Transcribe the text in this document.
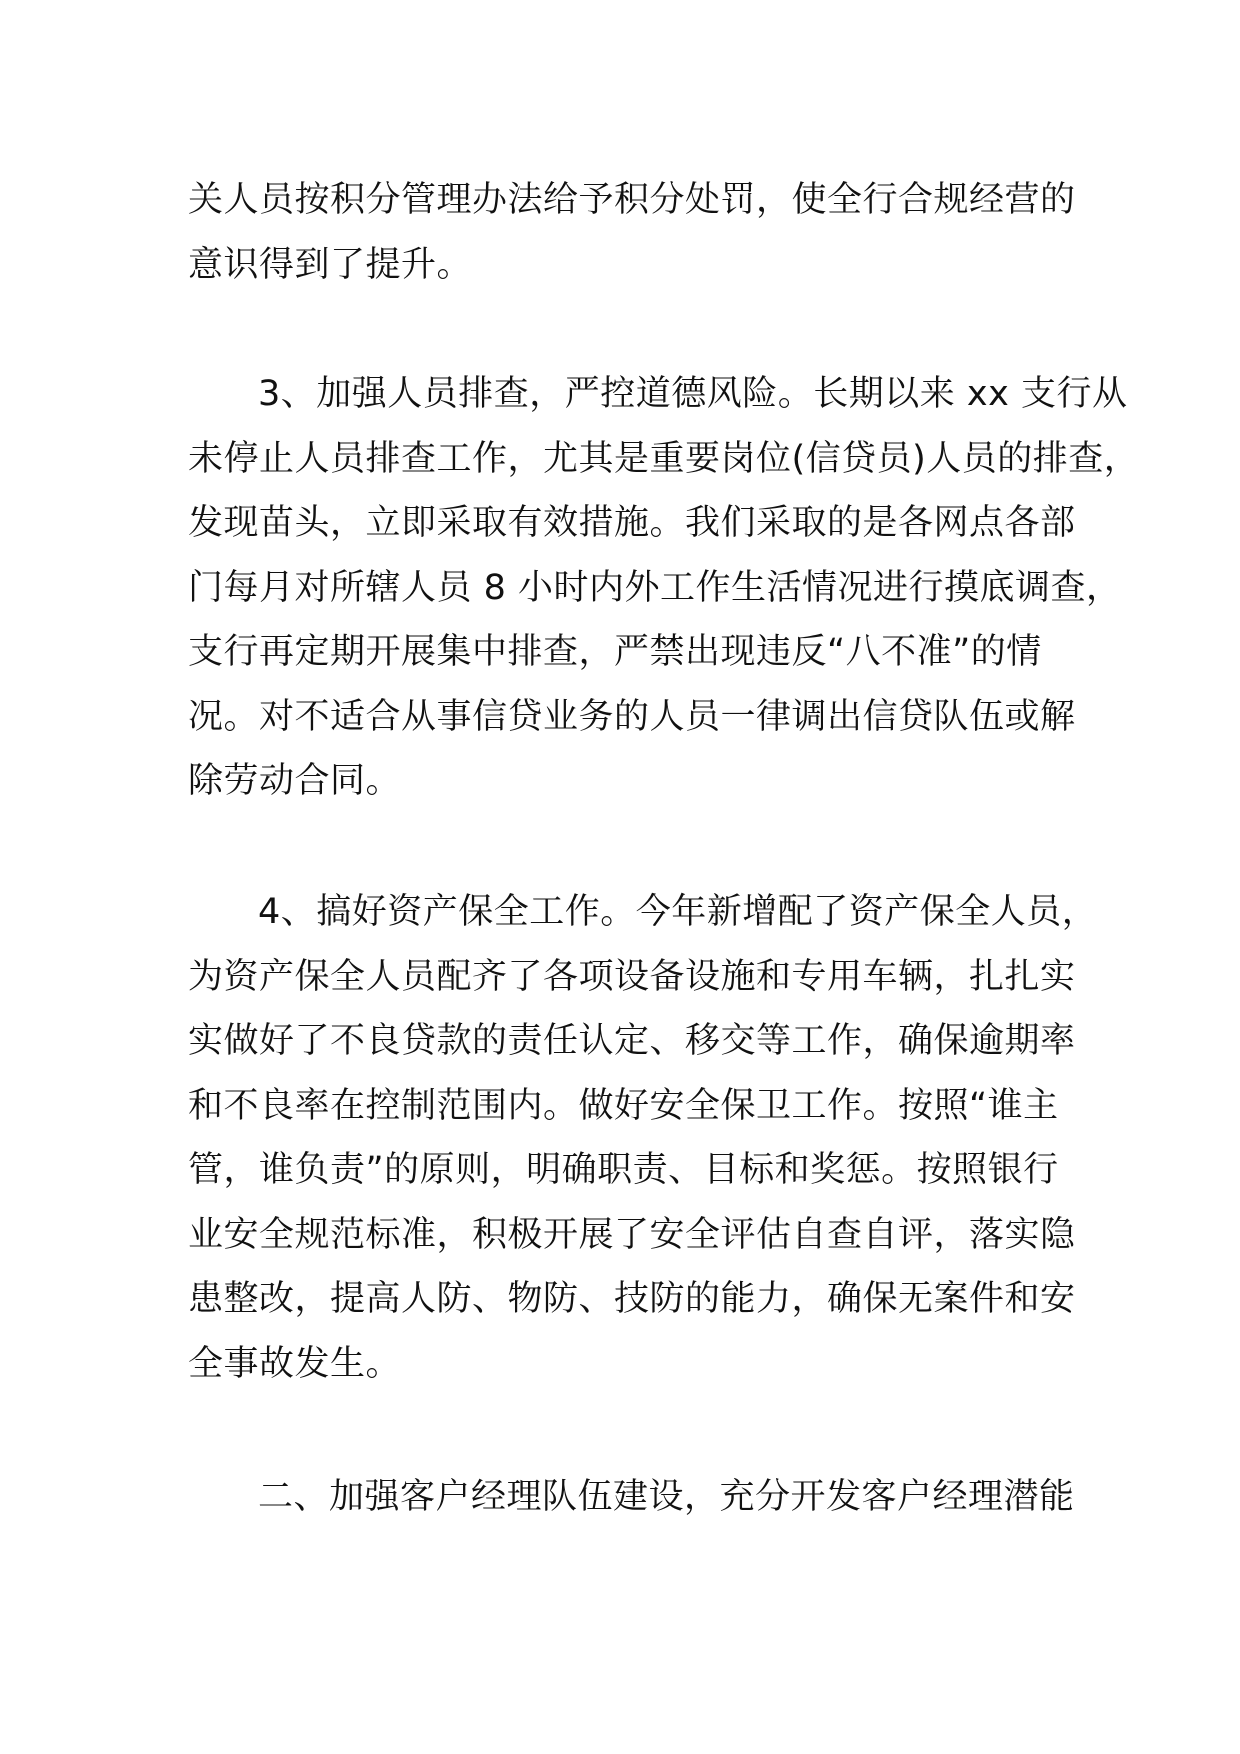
关人员按积分管理办法给予积分处罚，使全行合规经营的
意识得到了提升。

3、加强人员排查，严控道德风险。长期以来 xx 支行从
未停止人员排查工作，尤其是重要岗位(信贷员)人员的排查，
发现苗头，立即采取有效措施。我们采取的是各网点各部
门每月对所辖人员 8 小时内外工作生活情况进行摸底调查，
支行再定期开展集中排查，严禁出现违反“八不准”的情
况。对不适合从事信贷业务的人员一律调出信贷队伍或解
除劳动合同。

4、搞好资产保全工作。今年新增配了资产保全人员，
为资产保全人员配齐了各项设备设施和专用车辆，扎扎实
实做好了不良贷款的责任认定、移交等工作，确保逾期率
和不良率在控制范围内。做好安全保卫工作。按照“谁主
管，谁负责”的原则，明确职责、目标和奖惩。按照银行
业安全规范标准，积极开展了安全评估自查自评，落实隐
患整改，提高人防、物防、技防的能力，确保无案件和安
全事故发生。

二、加强客户经理队伍建设，充分开发客户经理潜能
